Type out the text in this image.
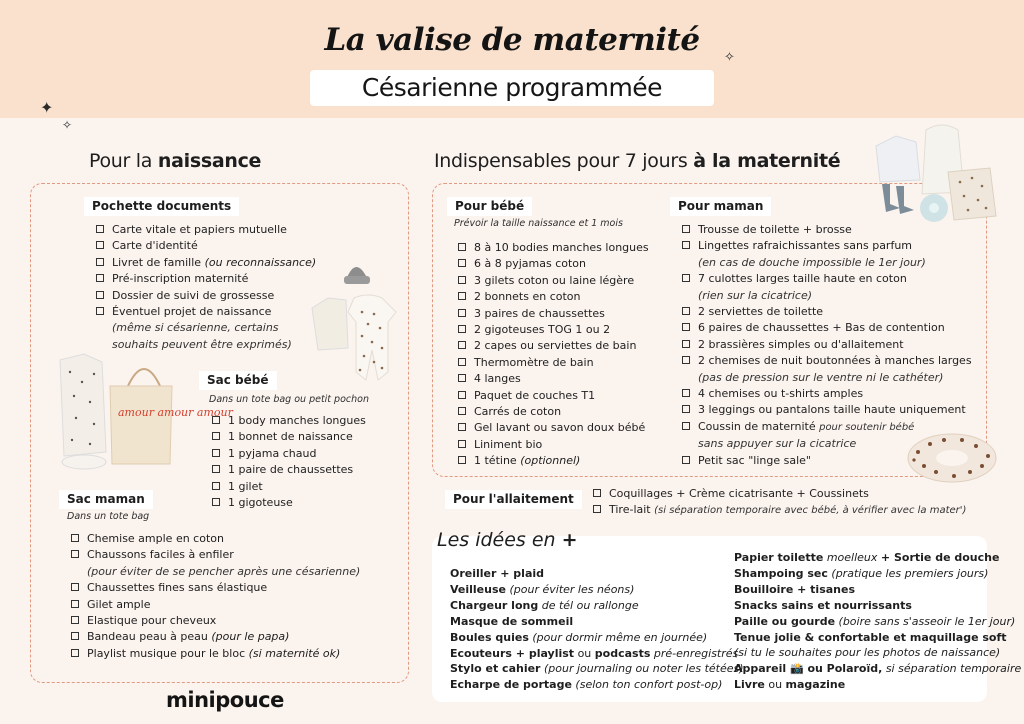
La valise de maternité
Césarienne programmée
✦
✧
✧
Pour la naissance	Indispensables pour 7 jours à la maternité
Pochette documents
Carte vitale et papiers mutuelle
Carte d'identité
Livret de famille (ou reconnaissance)
Pré-inscription maternité
Dossier de suivi de grossesse
Éventuel projet de naissance
(même si césarienne, certains
souhaits peuvent être exprimés)
amour amour amour
Sac bébé
Dans un tote bag ou petit pochon
1 body manches longues
1 bonnet de naissance
1 pyjama chaud
1 paire de chaussettes
1 gilet
1 gigoteuse
Sac maman
Dans un tote bag
Chemise ample en coton
Chaussons faciles à enfiler
(pour éviter de se pencher après une césarienne)
Chaussettes fines sans élastique
Gilet ample
Elastique pour cheveux
Bandeau peau à peau (pour le papa)
Playlist musique pour le bloc (si maternité ok)
minipouce
Pour bébé
Prévoir la taille naissance et 1 mois
8 à 10 bodies manches longues
6 à 8 pyjamas coton
3 gilets coton ou laine légère
2 bonnets en coton
3 paires de chaussettes
2 gigoteuses TOG 1 ou 2
2 capes ou serviettes de bain
Thermomètre de bain
4 langes
Paquet de couches T1
Carrés de coton
Gel lavant ou savon doux bébé
Liniment bio
1 tétine (optionnel)
Pour maman
Trousse de toilette + brosse
Lingettes rafraichissantes sans parfum
(en cas de douche impossible le 1er jour)
7 culottes larges taille haute en coton
(rien sur la cicatrice)
2 serviettes de toilette
6 paires de chaussettes + Bas de contention
2 brassières simples ou d'allaitement
2 chemises de nuit boutonnées à manches larges
(pas de pression sur le ventre ni le cathéter)
4 chemises ou t-shirts amples
3 leggings ou pantalons taille haute uniquement
Coussin de maternité pour soutenir bébé
sans appuyer sur la cicatrice
Petit sac "linge sale"
Pour l'allaitement	Coquillages + Crème cicatrisante + Coussinets
Tire-lait (si séparation temporaire avec bébé, à vérifier avec la mater')
Les idées en +
Oreiller + plaid
Veilleuse (pour éviter les néons)
Chargeur long de tél ou rallonge
Masque de sommeil
Boules quies (pour dormir même en journée)
Ecouteurs + playlist ou podcasts pré-enregistrés
Stylo et cahier (pour journaling ou noter les tétées)
Echarpe de portage (selon ton confort post-op)
Papier toilette moelleux + Sortie de douche
Shampoing sec (pratique les premiers jours)
Bouilloire + tisanes
Snacks sains et nourrissants
Paille ou gourde (boire sans s'asseoir le 1er jour)
Tenue jolie & confortable et maquillage soft
(si tu le souhaites pour les photos de naissance)
Appareil 📸 ou Polaroïd, si séparation temporaire
Livre ou magazine
